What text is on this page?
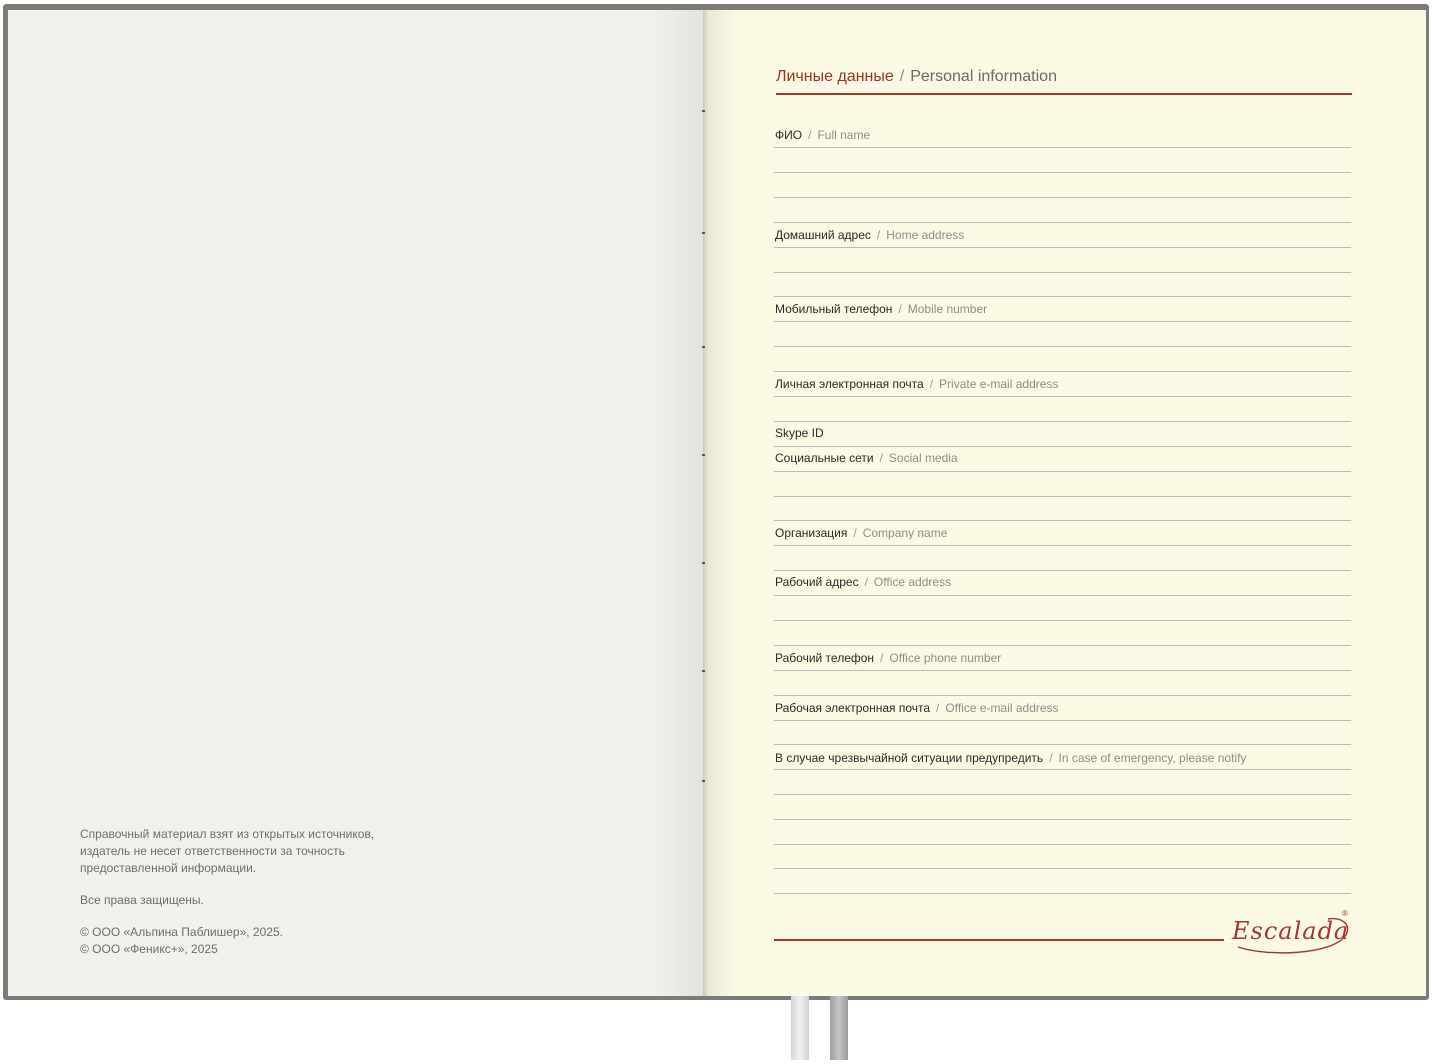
Справочный материал взят из открытых источников,

издатель не несет ответственности за точность

предоставленной информации.

Все права защищены.

© ООО «Альпина Паблишер», 2025.

© ООО «Феникс+», 2025

Личные данные / Personal information
ФИО / Full name
Домашний адрес / Home address
Мобильный телефон / Mobile number
Личная электронная почта / Private e-mail address
Skype ID
Социальные сети / Social media
Организация / Company name
Рабочий адрес / Office address
Рабочий телефон / Office phone number
Рабочая электронная почта / Office e-mail address
В случае чрезвычайной ситуации предупредить / In case of emergency, please notify
Escalada
®
